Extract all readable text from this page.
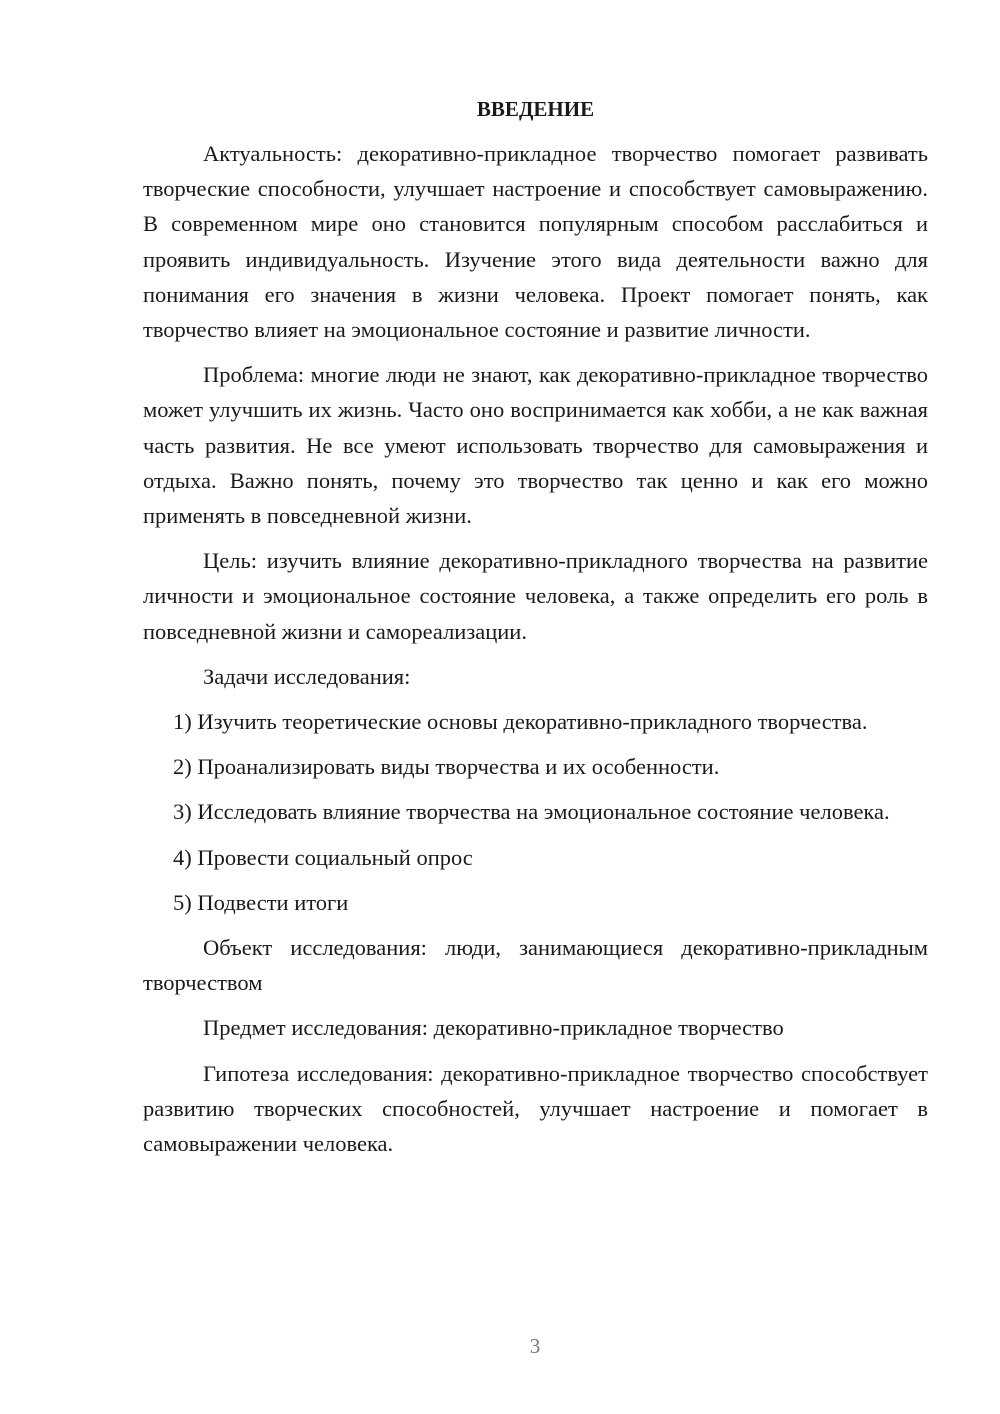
ВВЕДЕНИЕ

Актуальность: декоративно-прикладное творчество помогает развивать творческие способности, улучшает настроение и способствует самовыражению. В современном мире оно становится популярным способом расслабиться и проявить индивидуальность. Изучение этого вида деятельности важно для понимания его значения в жизни человека. Проект помогает понять, как творчество влияет на эмоциональное состояние и развитие личности.

Проблема: многие люди не знают, как декоративно-прикладное творчество может улучшить их жизнь. Часто оно воспринимается как хобби, а не как важная часть развития. Не все умеют использовать творчество для самовыражения и отдыха. Важно понять, почему это творчество так ценно и как его можно применять в повседневной жизни.

Цель: изучить влияние декоративно-прикладного творчества на развитие личности и эмоциональное состояние человека, а также определить его роль в повседневной жизни и самореализации.

Задачи исследования:

1) Изучить теоретические основы декоративно-прикладного творчества.

2) Проанализировать виды творчества и их особенности.

3) Исследовать влияние творчества на эмоциональное состояние человека.

4) Провести социальный опрос

5) Подвести итоги

Объект исследования: люди, занимающиеся декоративно-прикладным творчеством

Предмет исследования: декоративно-прикладное творчество

Гипотеза исследования: декоративно-прикладное творчество способствует развитию творческих способностей, улучшает настроение и помогает в самовыражении человека.

3
